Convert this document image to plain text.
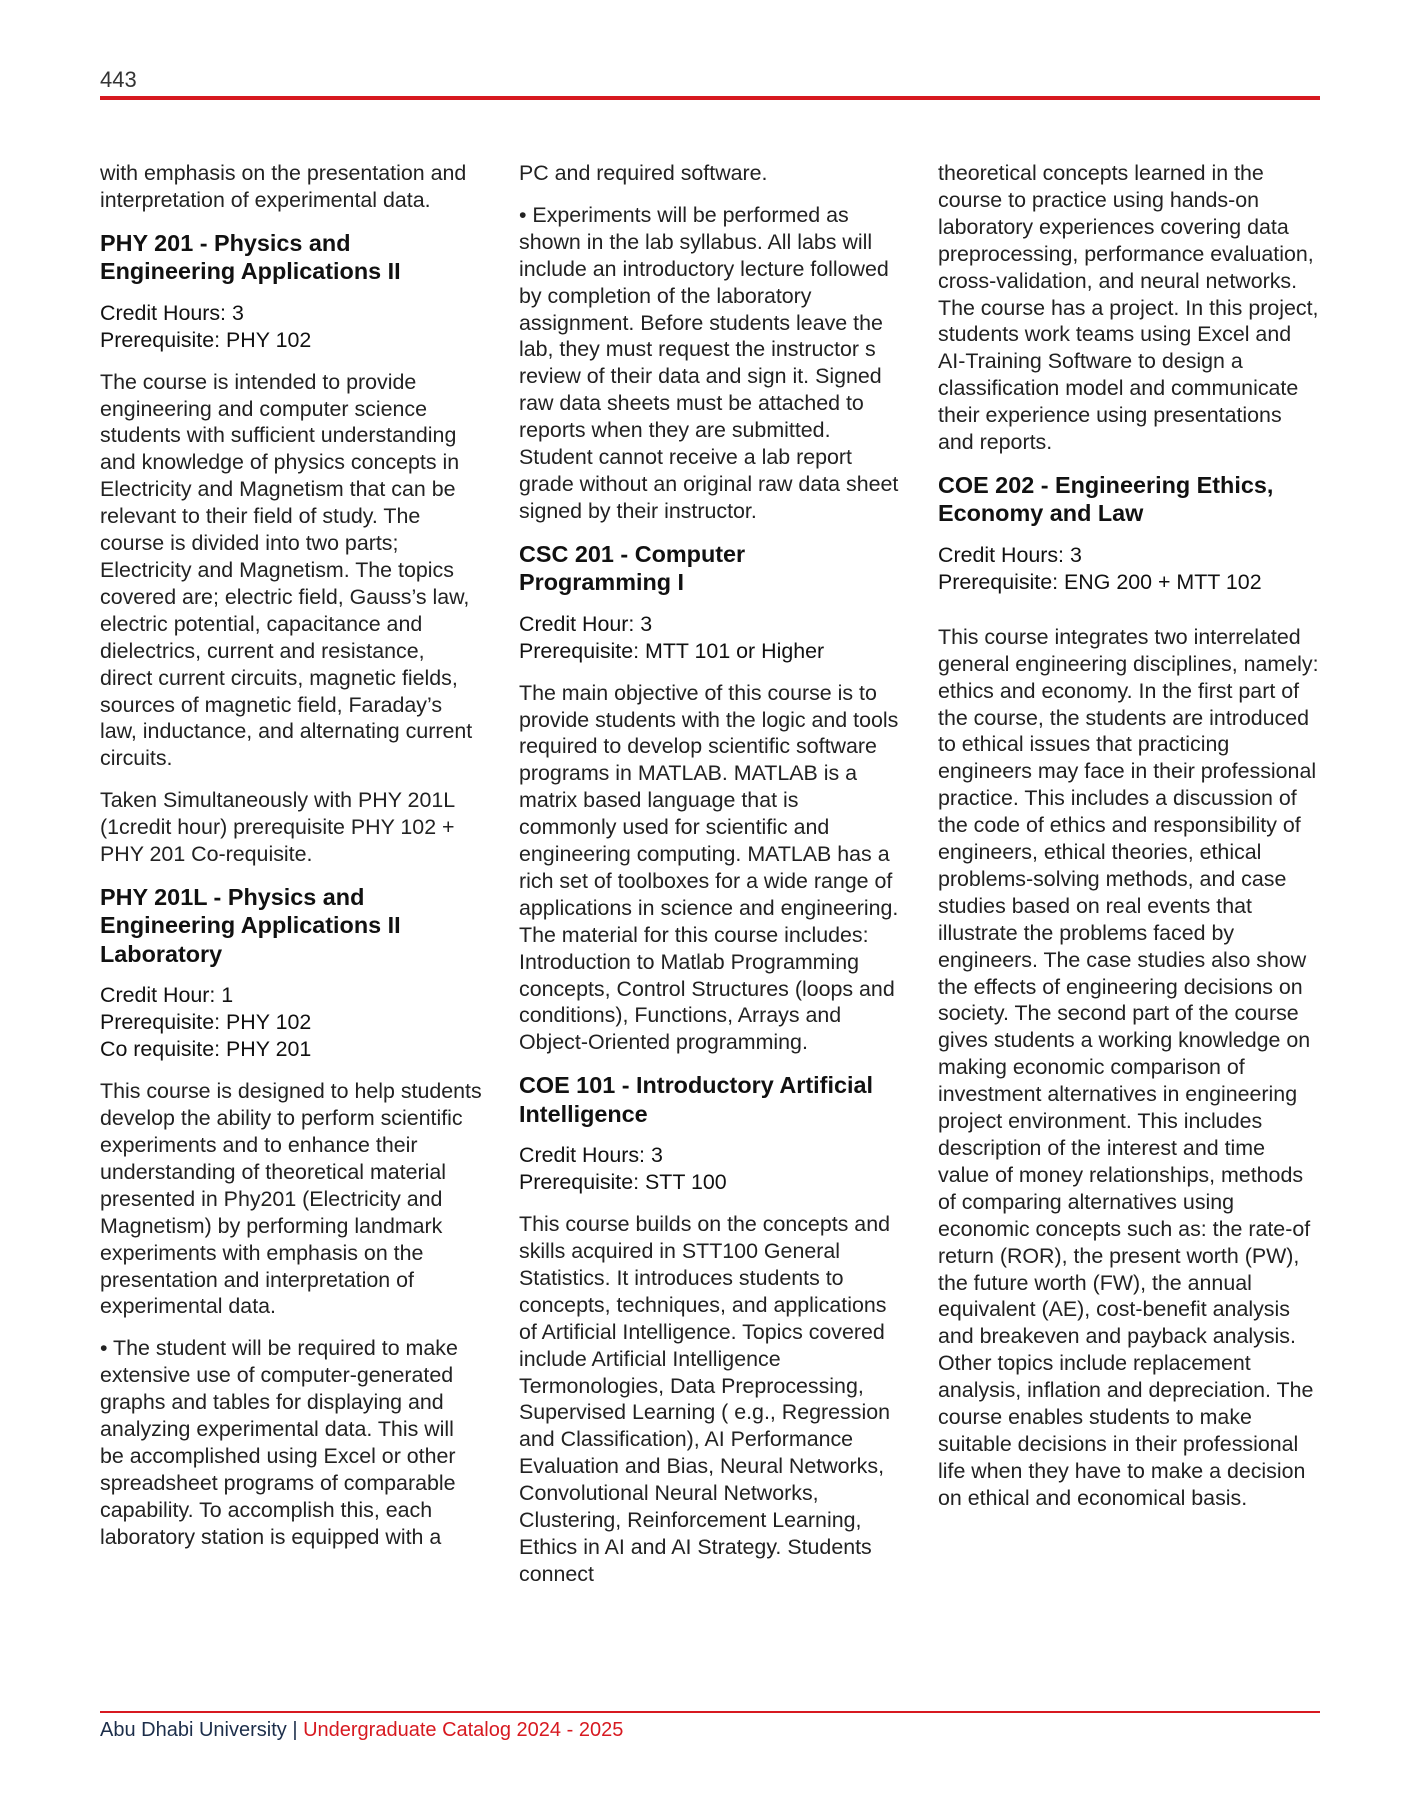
443

with emphasis on the presentation and interpretation of experimental data.

PHY 201 - Physics and Engineering Applications II
Credit Hours: 3
Prerequisite: PHY 102

The course is intended to provide engineering and computer science students with sufficient understanding and knowledge of physics concepts in Electricity and Magnetism that can be relevant to their field of study. The course is divided into two parts; Electricity and Magnetism. The topics covered are; electric field, Gauss’s law, electric potential, capacitance and dielectrics, current and resistance, direct current circuits, magnetic fields, sources of magnetic field, Faraday’s law, inductance, and alternating current circuits.

Taken Simultaneously with PHY 201L (1credit hour) prerequisite PHY 102 + PHY 201 Co-requisite.

PHY 201L - Physics and Engineering Applications II Laboratory
Credit Hour: 1
Prerequisite: PHY 102
Co requisite: PHY 201

This course is designed to help students develop the ability to perform scientific experiments and to enhance their understanding of theoretical material presented in Phy201 (Electricity and Magnetism) by performing landmark experiments with emphasis on the presentation and interpretation of experimental data.

• The student will be required to make extensive use of computer-generated graphs and tables for displaying and analyzing experimental data. This will be accomplished using Excel or other spreadsheet programs of comparable capability. To accomplish this, each laboratory station is equipped with a

PC and required software.

• Experiments will be performed as shown in the lab syllabus. All labs will include an introductory lecture followed by completion of the laboratory assignment. Before students leave the lab, they must request the instructor s review of their data and sign it. Signed raw data sheets must be attached to reports when they are submitted. Student cannot receive a lab report grade without an original raw data sheet signed by their instructor.

CSC 201 - Computer Programming I
Credit Hour: 3
Prerequisite: MTT 101 or Higher

The main objective of this course is to provide students with the logic and tools required to develop scientific software programs in MATLAB. MATLAB is a matrix based language that is commonly used for scientific and engineering computing. MATLAB has a rich set of toolboxes for a wide range of applications in science and engineering. The material for this course includes: Introduction to Matlab Programming concepts, Control Structures (loops and conditions), Functions, Arrays and Object-Oriented programming.

COE 101 - Introductory Artificial Intelligence
Credit Hours: 3
Prerequisite: STT 100

This course builds on the concepts and skills acquired in STT100 General Statistics. It introduces students to concepts, techniques, and applications of Artificial Intelligence. Topics covered include Artificial Intelligence Termonologies, Data Preprocessing, Supervised Learning ( e.g., Regression and Classification), AI Performance Evaluation and Bias, Neural Networks, Convolutional Neural Networks, Clustering, Reinforcement Learning, Ethics in AI and AI Strategy. Students connect

theoretical concepts learned in the course to practice using hands-on laboratory experiences covering data preprocessing, performance evaluation, cross-validation, and neural networks. The course has a project. In this project, students work teams using Excel and AI-Training Software to design a classification model and communicate their experience using presentations and reports.

COE 202 - Engineering Ethics, Economy and Law
Credit Hours: 3
Prerequisite: ENG 200 + MTT 102

This course integrates two interrelated general engineering disciplines, namely: ethics and economy. In the first part of the course, the students are introduced to ethical issues that practicing engineers may face in their professional practice. This includes a discussion of the code of ethics and responsibility of engineers, ethical theories, ethical problems-solving methods, and case studies based on real events that illustrate the problems faced by engineers. The case studies also show the effects of engineering decisions on society. The second part of the course gives students a working knowledge on making economic comparison of investment alternatives in engineering project environment. This includes description of the interest and time value of money relationships, methods of comparing alternatives using economic concepts such as: the rate-of return (ROR), the present worth (PW), the future worth (FW), the annual equivalent (AE), cost-benefit analysis and breakeven and payback analysis. Other topics include replacement analysis, inflation and depreciation. The course enables students to make suitable decisions in their professional life when they have to make a decision on ethical and economical basis.

Abu Dhabi University | Undergraduate Catalog 2024 - 2025
